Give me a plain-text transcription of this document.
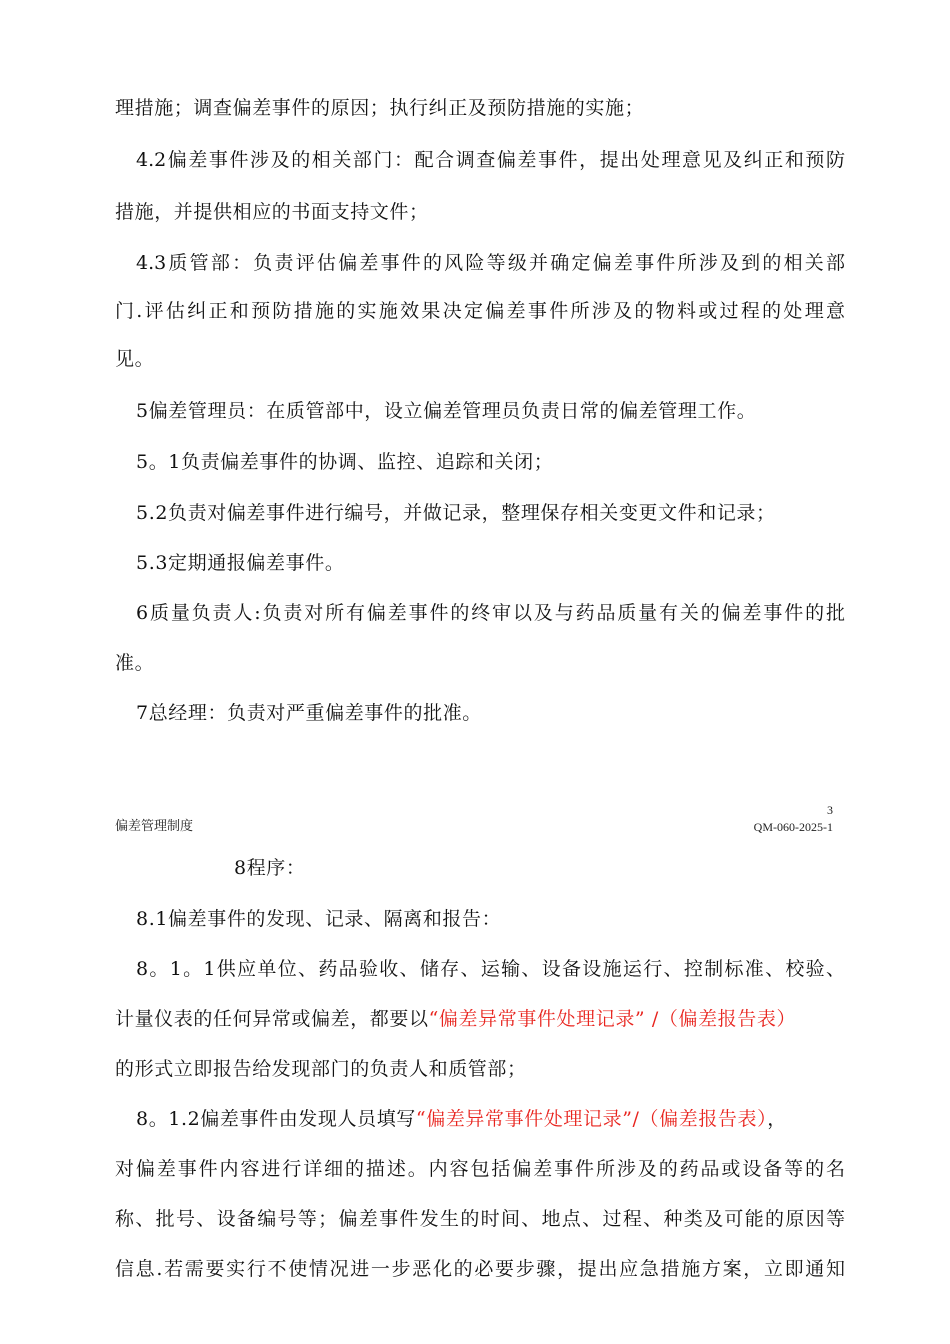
理措施；调查偏差事件的原因；执行纠正及预防措施的实施；
4.2偏差事件涉及的相关部门：配合调查偏差事件，提出处理意见及纠正和预防
措施，并提供相应的书面支持文件；
4.3质管部：负责评估偏差事件的风险等级并确定偏差事件所涉及到的相关部
门.评估纠正和预防措施的实施效果决定偏差事件所涉及的物料或过程的处理意
见。
5偏差管理员：在质管部中，设立偏差管理员负责日常的偏差管理工作。
5。1负责偏差事件的协调、监控、追踪和关闭；
5.2负责对偏差事件进行编号，并做记录，整理保存相关变更文件和记录；
5.3定期通报偏差事件。
6质量负责人:负责对所有偏差事件的终审以及与药品质量有关的偏差事件的批
准。
7总经理：负责对严重偏差事件的批准。
3
偏差管理制度	QM-060-2025-1
8程序：
8.1偏差事件的发现、记录、隔离和报告：
8。1。1供应单位、药品验收、储存、运输、设备设施运行、控制标准、校验、
计量仪表的任何异常或偏差，都要以“偏差异常事件处理记录” /（偏差报告表）
的形式立即报告给发现部门的负责人和质管部；
8。1.2偏差事件由发现人员填写“偏差异常事件处理记录”/（偏差报告表），
对偏差事件内容进行详细的描述。内容包括偏差事件所涉及的药品或设备等的名
称、批号、设备编号等；偏差事件发生的时间、地点、过程、种类及可能的原因等
信息.若需要实行不使情况进一步恶化的必要步骤，提出应急措施方案，立即通知
